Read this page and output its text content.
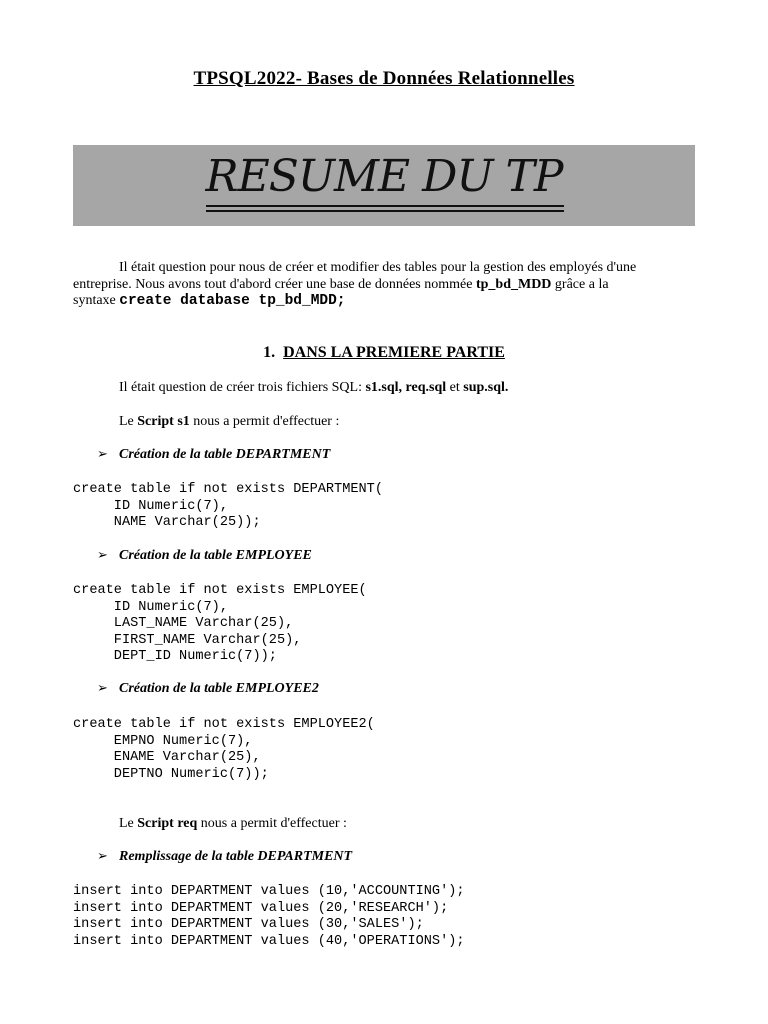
TPSQL2022- Bases de Données Relationnelles
RESUME DU TP
Il était question pour nous de créer et modifier des tables pour la gestion des employés d'une
entreprise. Nous avons tout d'abord créer une base de données nommée tp_bd_MDD grâce a la
syntaxe create database tp_bd_MDD;
1. DANS LA PREMIERE PARTIE
Il était question de créer trois fichiers SQL: s1.sql, req.sql et sup.sql.
Le Script s1 nous a permit d'effectuer :
➢ Création de la table DEPARTMENT
create table if not exists DEPARTMENT(
ID Numeric(7),
NAME Varchar(25));
➢ Création de la table EMPLOYEE
create table if not exists EMPLOYEE(
ID Numeric(7),
LAST_NAME Varchar(25),
FIRST_NAME Varchar(25),
DEPT_ID Numeric(7));
➢ Création de la table EMPLOYEE2
create table if not exists EMPLOYEE2(
EMPNO Numeric(7),
ENAME Varchar(25),
DEPTNO Numeric(7));
Le Script req nous a permit d'effectuer :
➢ Remplissage de la table DEPARTMENT
insert into DEPARTMENT values (10,'ACCOUNTING');
insert into DEPARTMENT values (20,'RESEARCH');
insert into DEPARTMENT values (30,'SALES');
insert into DEPARTMENT values (40,'OPERATIONS');
